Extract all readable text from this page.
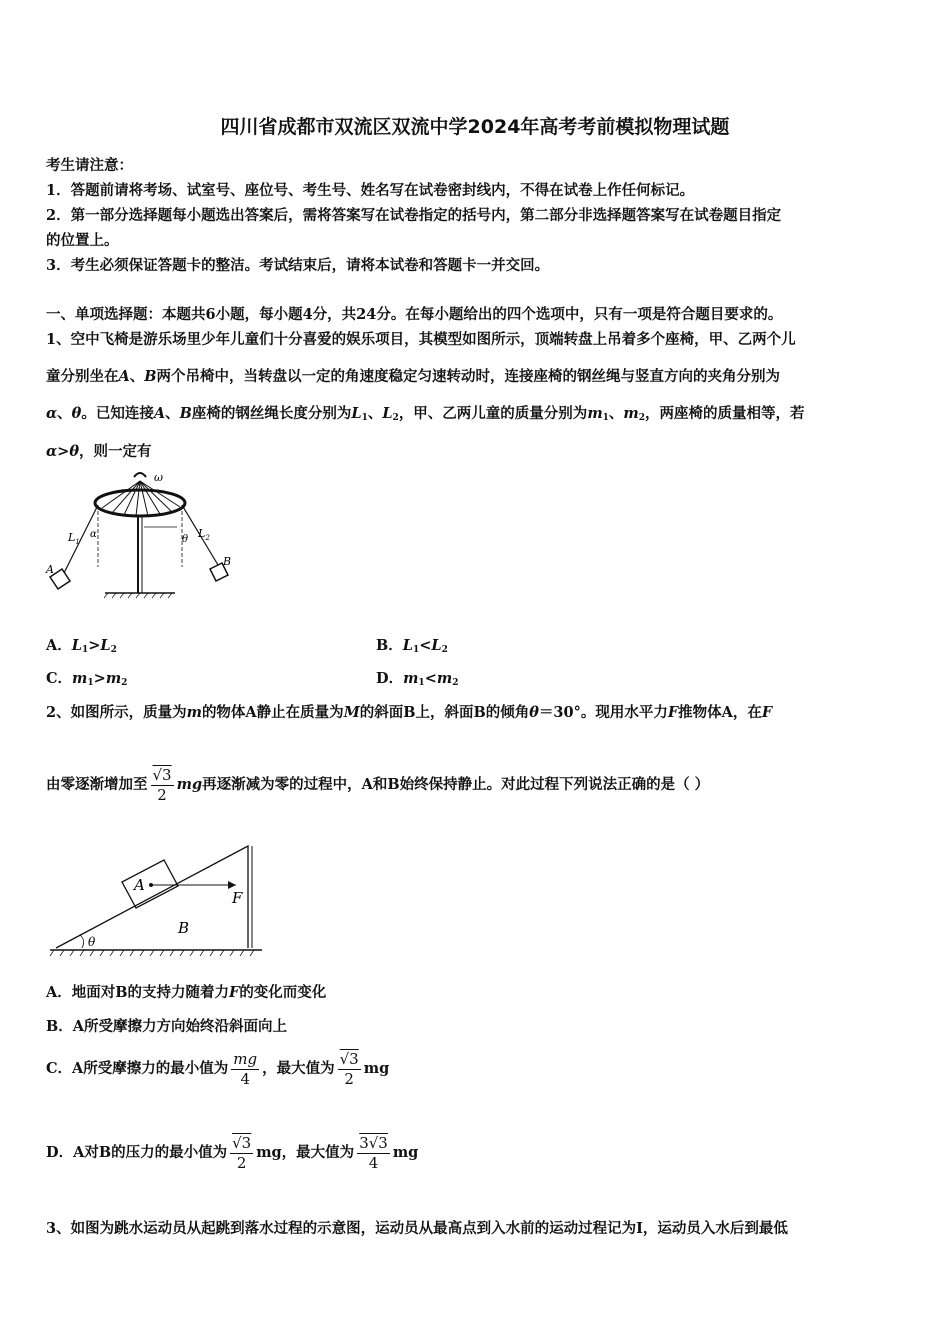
四川省成都市双流区双流中学2024年高考考前模拟物理试题
考生请注意：
1．答题前请将考场、试室号、座位号、考生号、姓名写在试卷密封线内，不得在试卷上作任何标记。
2．第一部分选择题每小题选出答案后，需将答案写在试卷指定的括号内，第二部分非选择题答案写在试卷题目指定
的位置上。
3．考生必须保证答题卡的整洁。考试结束后，请将本试卷和答题卡一并交回。
一、单项选择题：本题共6小题，每小题4分，共24分。在每小题给出的四个选项中，只有一项是符合题目要求的。
1、空中飞椅是游乐场里少年儿童们十分喜爱的娱乐项目，其模型如图所示，顶端转盘上吊着多个座椅，甲、乙两个儿
童分别坐在A、B两个吊椅中，当转盘以一定的角速度稳定匀速转动时，连接座椅的钢丝绳与竖直方向的夹角分别为
α、θ。已知连接A、B座椅的钢丝绳长度分别为$L_1$、$L_2$，甲、乙两儿童的质量分别为$m_1$、$m_2$，两座椅的质量相等，若
α>θ，则一定有
ω
$L_1$
α	θ $L_2$
A
B
A．$L_1>L_2$	B．$L_1<L_2$
C．$m_1>m_2$	D．$m_1<m_2$
2、如图所示，质量为m的物体A静止在质量为M的斜面B上，斜面B的倾角θ＝30°。现用水平力F推物体A，在F
由零逐渐增加至 $\frac{√3}{2}$ mg再逐渐减为零的过程中，A和B始终保持静止。对此过程下列说法正确的是（ ）
A
B
F
θ
A．地面对B的支持力随着力F的变化而变化
B．A所受摩擦力方向始终沿斜面向上
C．A所受摩擦力的最小值为 $\frac{mg}{4}$ ，最大值为 $\frac{√3}{2}$ mg
D．A对B的压力的最小值为 $\frac{√3}{2}$ mg，最大值为 $\frac{3√3}{4}$ mg
3、如图为跳水运动员从起跳到落水过程的示意图，运动员从最高点到入水前的运动过程记为I，运动员入水后到最低
